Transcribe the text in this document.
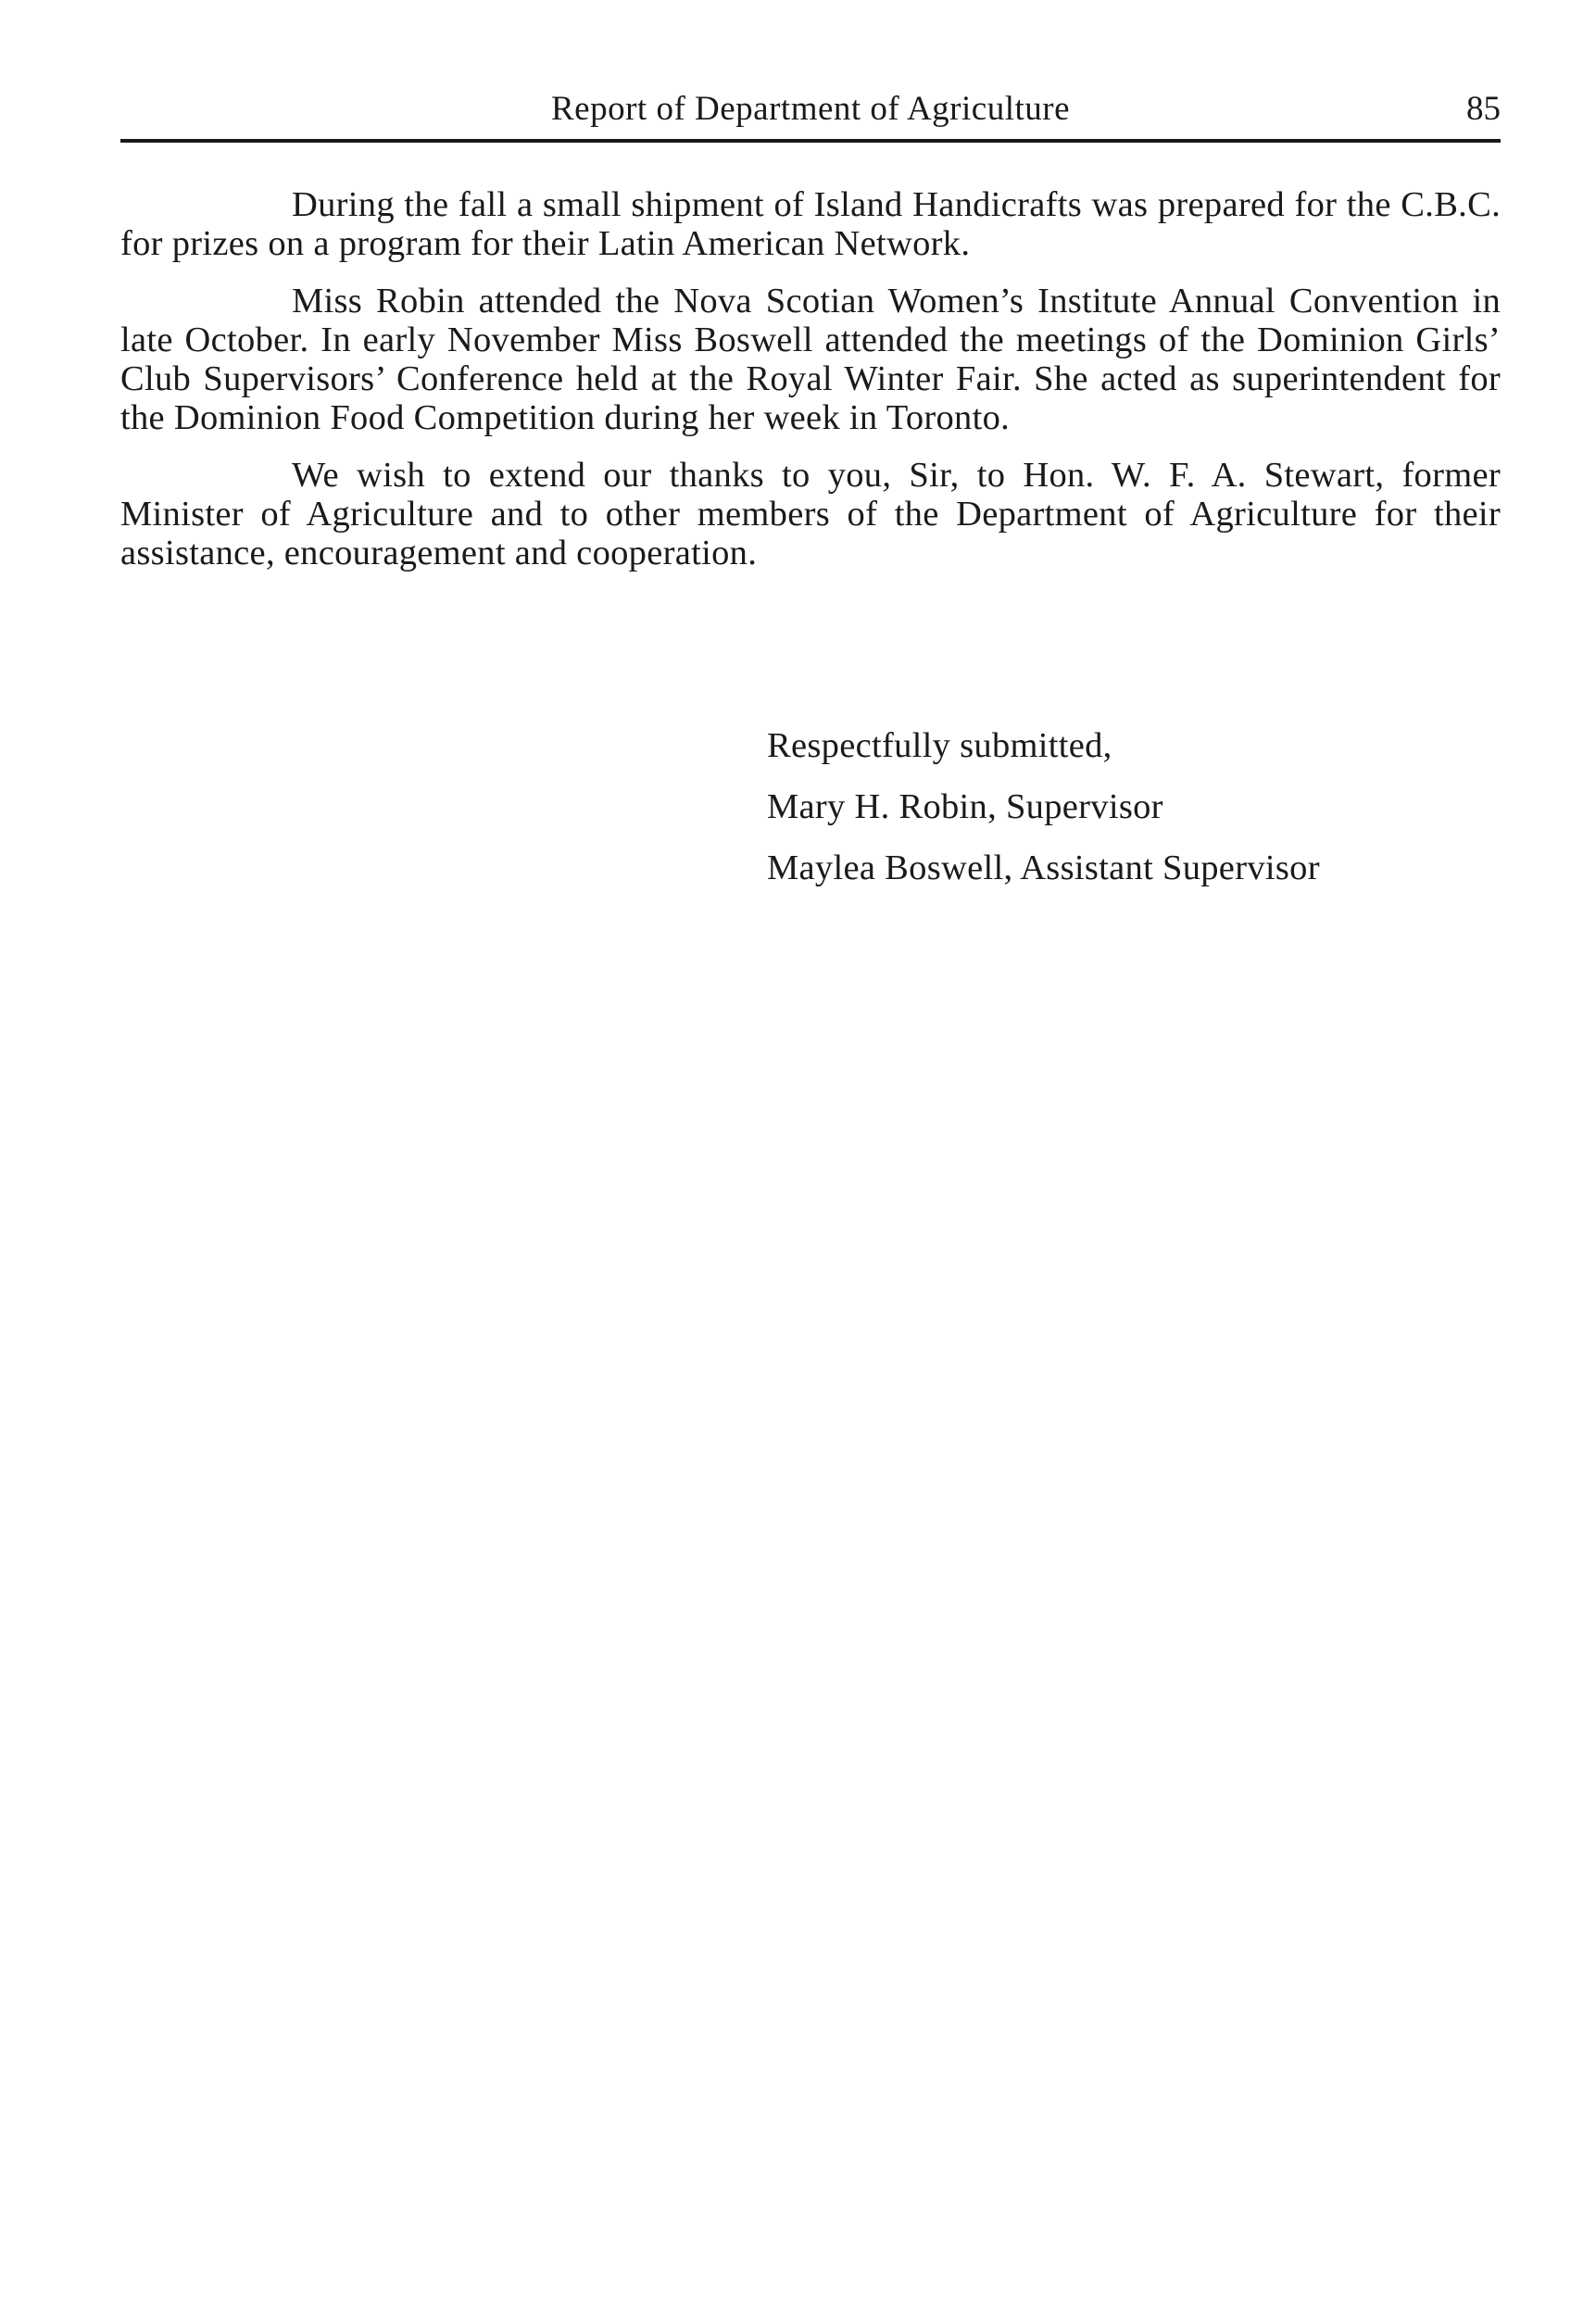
Report of Department of Agriculture	85

During the fall a small shipment of Island Handicrafts was prepared for the C.B.C. for prizes on a program for their Latin American Network.

Miss Robin attended the Nova Scotian Women’s Institute Annual Convention in late October. In early November Miss Boswell attended the meetings of the Dominion Girls’ Club Supervisors’ Conference held at the Royal Winter Fair. She acted as superintendent for the Dominion Food Competition during her week in Toronto.

We wish to extend our thanks to you, Sir, to Hon. W. F. A. Stewart, former Minister of Agriculture and to other members of the Department of Agriculture for their assistance, encouragement and cooperation.

Respectfully submitted,
Mary H. Robin, Supervisor
Maylea Boswell, Assistant Supervisor
